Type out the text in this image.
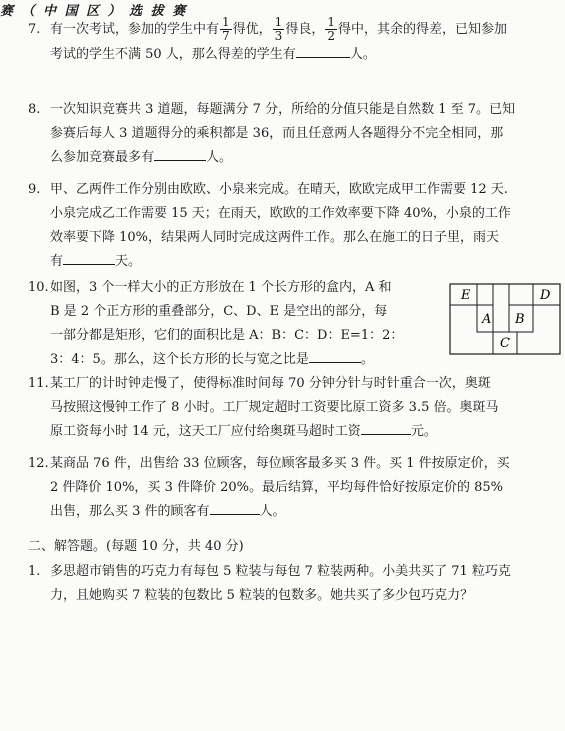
赛 （ 中 国 区 ） 选 拔 赛
7. 有一次考试，参加的学生中有 $\frac{1}{7}$ 得优， $\frac{1}{3}$ 得良， $\frac{1}{2}$ 得中，其余的得差，已知参加
考试的学生不满 50 人，那么得差的学生有	人。
8. 一次知识竞赛共 3 道题，每题满分 7 分，所给的分值只能是自然数 1 至 7。已知
参赛后每人 3 道题得分的乘积都是 36，而且任意两人各题得分不完全相同，那
么参加竞赛最多有	人。
9. 甲、乙两件工作分别由欧欧、小泉来完成。在晴天，欧欧完成甲工作需要 12 天.
小泉完成乙工作需要 15 天；在雨天，欧欧的工作效率要下降 40%，小泉的工作
效率要下降 10%，结果两人同时完成这两件工作。那么在施工的日子里，雨天
有	天。
10.如图，3 个一样大小的正方形放在 1 个长方形的盒内，A 和
B 是 2 个正方形的重叠部分，C、D、E 是空出的部分，每
一部分都是矩形，它们的面积比是 A：B：C：D：E=1：2：
3：4：5。那么，这个长方形的长与宽之比是	。
E	D
A B
C
11.某工厂的计时钟走慢了，使得标准时间每 70 分钟分针与时针重合一次，奥斑
马按照这慢钟工作了 8 小时。工厂规定超时工资要比原工资多 3.5 倍。奥斑马
原工资每小时 14 元，这天工厂应付给奥斑马超时工资	元。
12.某商品 76 件，出售给 33 位顾客，每位顾客最多买 3 件。买 1 件按原定价，买
2 件降价 10%，买 3 件降价 20%。最后结算，平均每件恰好按原定价的 85%
出售，那么买 3 件的顾客有	人。
二、解答题。(每题 10 分，共 40 分)
1. 多思超市销售的巧克力有每包 5 粒装与每包 7 粒装两种。小美共买了 71 粒巧克
力，且她购买 7 粒装的包数比 5 粒装的包数多。她共买了多少包巧克力？
